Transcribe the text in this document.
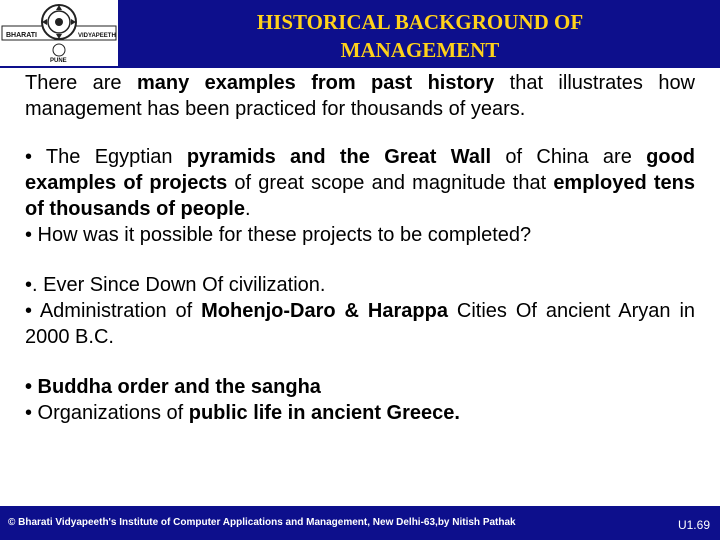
BHARATI	VIDYAPEETH
PUNE
HISTORICAL BACKGROUND OF
MANAGEMENT

There are many examples from past history that illustrates how management has been practiced for thousands of years.

• The Egyptian pyramids and the Great Wall of China are good examples of projects of great scope and magnitude that employed tens of thousands of people.

• How was it possible for these projects to be completed?

•. Ever Since Down Of civilization.

• Administration of Mohenjo-Daro & Harappa Cities Of ancient Aryan in 2000 B.C.

• Buddha order and the sangha

• Organizations of public life in ancient Greece.

© Bharati Vidyapeeth's Institute of Computer Applications and Management, New Delhi-63,by Nitish Pathak	U1.69
